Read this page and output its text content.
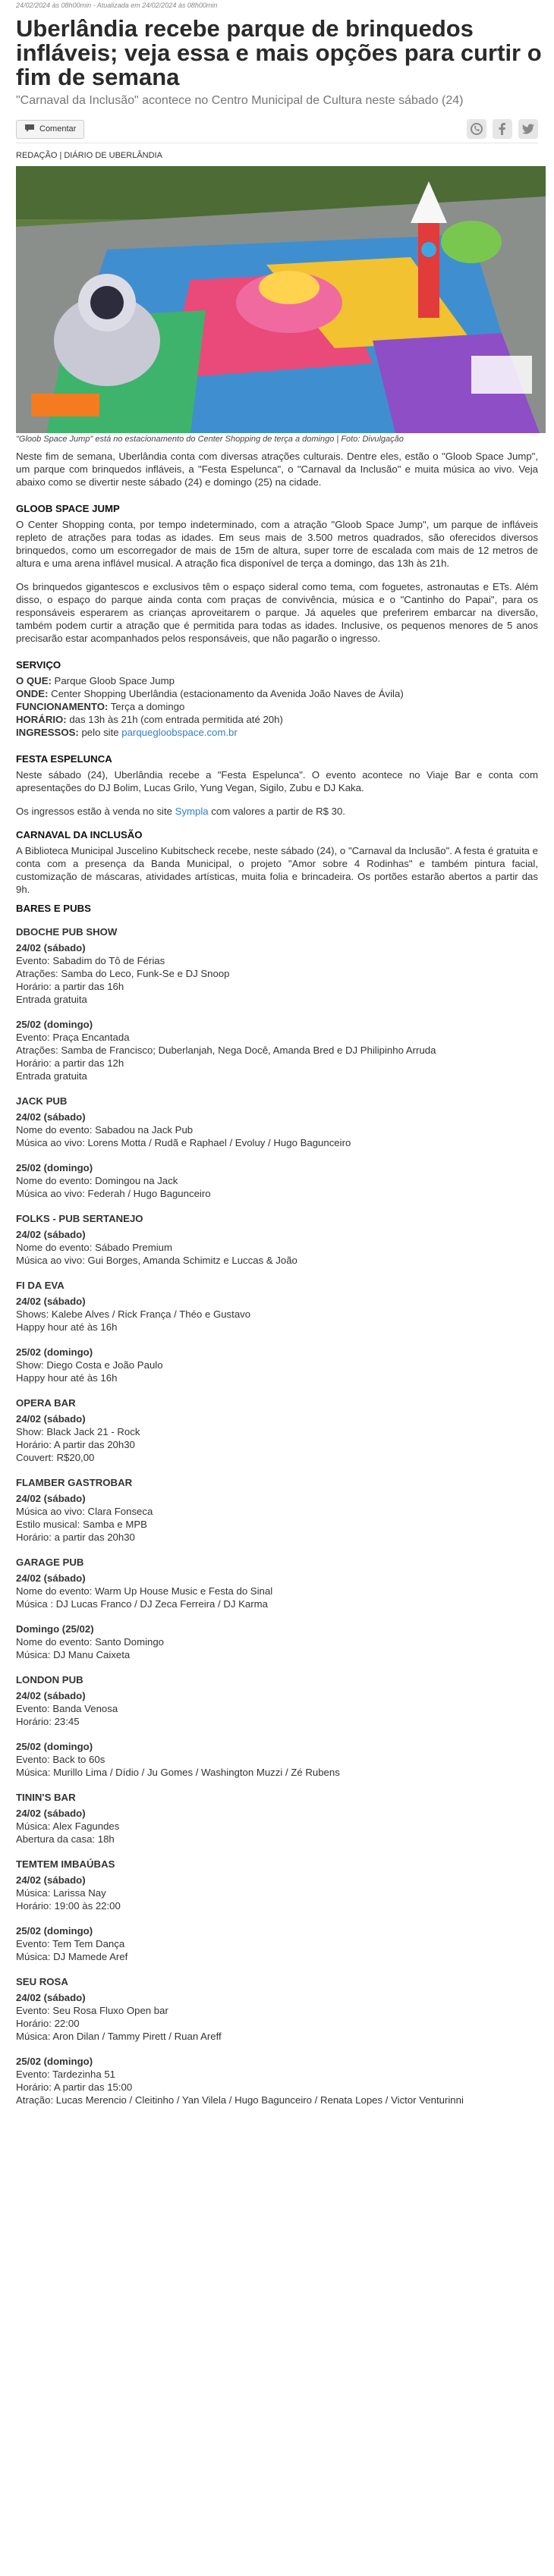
24/02/2024 às 08h00min - Atualizada em 24/02/2024 às 08h00min
Uberlândia recebe parque de brinquedos infláveis; veja essa e mais opções para curtir o fim de semana
"Carnaval da Inclusão" acontece no Centro Municipal de Cultura neste sábado (24)
Comentar
REDAÇÃO | DIÁRIO DE UBERLÂNDIA
"Gloob Space Jump" está no estacionamento do Center Shopping de terça a domingo | Foto: Divulgação

Neste fim de semana, Uberlândia conta com diversas atrações culturais. Dentre eles, estão o "Gloob Space Jump", um parque com brinquedos infláveis, a "Festa Espelunca", o "Carnaval da Inclusão" e muita música ao vivo. Veja abaixo como se divertir neste sábado (24) e domingo (25) na cidade.

GLOOB SPACE JUMP

O Center Shopping conta, por tempo indeterminado, com a atração "Gloob Space Jump", um parque de infláveis repleto de atrações para todas as idades. Em seus mais de 3.500 metros quadrados, são oferecidos diversos brinquedos, como um escorregador de mais de 15m de altura, super torre de escalada com mais de 12 metros de altura e uma arena inflável musical. A atração fica disponível de terça a domingo, das 13h às 21h.

Os brinquedos gigantescos e exclusivos têm o espaço sideral como tema, com foguetes, astronautas e ETs. Além disso, o espaço do parque ainda conta com praças de convivência, música e o "Cantinho do Papai", para os responsáveis esperarem as crianças aproveitarem o parque. Já aqueles que preferirem embarcar na diversão, também podem curtir a atração que é permitida para todas as idades. Inclusive, os pequenos menores de 5 anos precisarão estar acompanhados pelos responsáveis, que não pagarão o ingresso.

SERVIÇO
O QUE: Parque Gloob Space Jump
ONDE: Center Shopping Uberlândia (estacionamento da Avenida João Naves de Ávila)
FUNCIONAMENTO: Terça a domingo
HORÁRIO: das 13h às 21h (com entrada permitida até 20h)
INGRESSOS: pelo site parquegloobspace.com.br
FESTA ESPELUNCA

Neste sábado (24), Uberlândia recebe a "Festa Espelunca". O evento acontece no Viaje Bar e conta com apresentações do DJ Bolim, Lucas Grilo, Yung Vegan, Sigilo, Zubu e DJ Kaka.

Os ingressos estão à venda no site Sympla com valores a partir de R$ 30.

CARNAVAL DA INCLUSÃO

A Biblioteca Municipal Juscelino Kubitscheck recebe, neste sábado (24), o "Carnaval da Inclusão". A festa é gratuita e conta com a presença da Banda Municipal, o projeto "Amor sobre 4 Rodinhas" e também pintura facial, customização de máscaras, atividades artísticas, muita folia e brincadeira. Os portões estarão abertos a partir das 9h.

BARES E PUBS
DBOCHE PUB SHOW
24/02 (sábado)
Evento: Sabadim do Tô de Férias
Atrações: Samba do Leco, Funk-Se e DJ Snoop
Horário: a partir das 16h
Entrada gratuita
25/02 (domingo)
Evento: Praça Encantada
Atrações: Samba de Francisco; Duberlanjah, Nega Docê, Amanda Bred e DJ Philipinho Arruda
Horário: a partir das 12h
Entrada gratuita
JACK PUB
24/02 (sábado)
Nome do evento: Sabadou na Jack Pub
Música ao vivo: Lorens Motta / Rudã e Raphael / Evoluy / Hugo Bagunceiro
25/02 (domingo)
Nome do evento: Domingou na Jack
Música ao vivo: Federah / Hugo Bagunceiro
FOLKS - PUB SERTANEJO
24/02 (sábado)
Nome do evento: Sábado Premium
Música ao vivo: Gui Borges, Amanda Schimitz e Luccas & João
FI DA EVA
24/02 (sábado)
Shows: Kalebe Alves / Rick França / Théo e Gustavo
Happy hour até às 16h
25/02 (domingo)
Show: Diego Costa e João Paulo
Happy hour até às 16h
OPERA BAR
24/02 (sábado)
Show: Black Jack 21 - Rock
Horário: A partir das 20h30
Couvert: R$20,00
FLAMBER GASTROBAR
24/02 (sábado)
Música ao vivo: Clara Fonseca
Estilo musical: Samba e MPB
Horário: a partir das 20h30
GARAGE PUB
24/02 (sábado)
Nome do evento: Warm Up House Music e Festa do Sinal
Música : DJ Lucas Franco / DJ Zeca Ferreira / DJ Karma
Domingo (25/02)
Nome do evento: Santo Domingo
Música: DJ Manu Caixeta
LONDON PUB
24/02 (sábado)
Evento: Banda Venosa
Horário: 23:45
25/02 (domingo)
Evento: Back to 60s
Música: Murillo Lima / Dídio / Ju Gomes / Washington Muzzi / Zé Rubens
TININ'S BAR
24/02 (sábado)
Música: Alex Fagundes
Abertura da casa: 18h
TEMTEM IMBAÚBAS
24/02 (sábado)
Música: Larissa Nay
Horário: 19:00 às 22:00
25/02 (domingo)
Evento: Tem Tem Dança
Música: DJ Mamede Aref
SEU ROSA
24/02 (sábado)
Evento: Seu Rosa Fluxo Open bar
Horário: 22:00
Música: Aron Dilan / Tammy Pirett / Ruan Areff
25/02 (domingo)
Evento: Tardezinha 51
Horário: A partir das 15:00
Atração: Lucas Merencio / Cleitinho / Yan Vilela / Hugo Bagunceiro / Renata Lopes / Victor Venturinni
